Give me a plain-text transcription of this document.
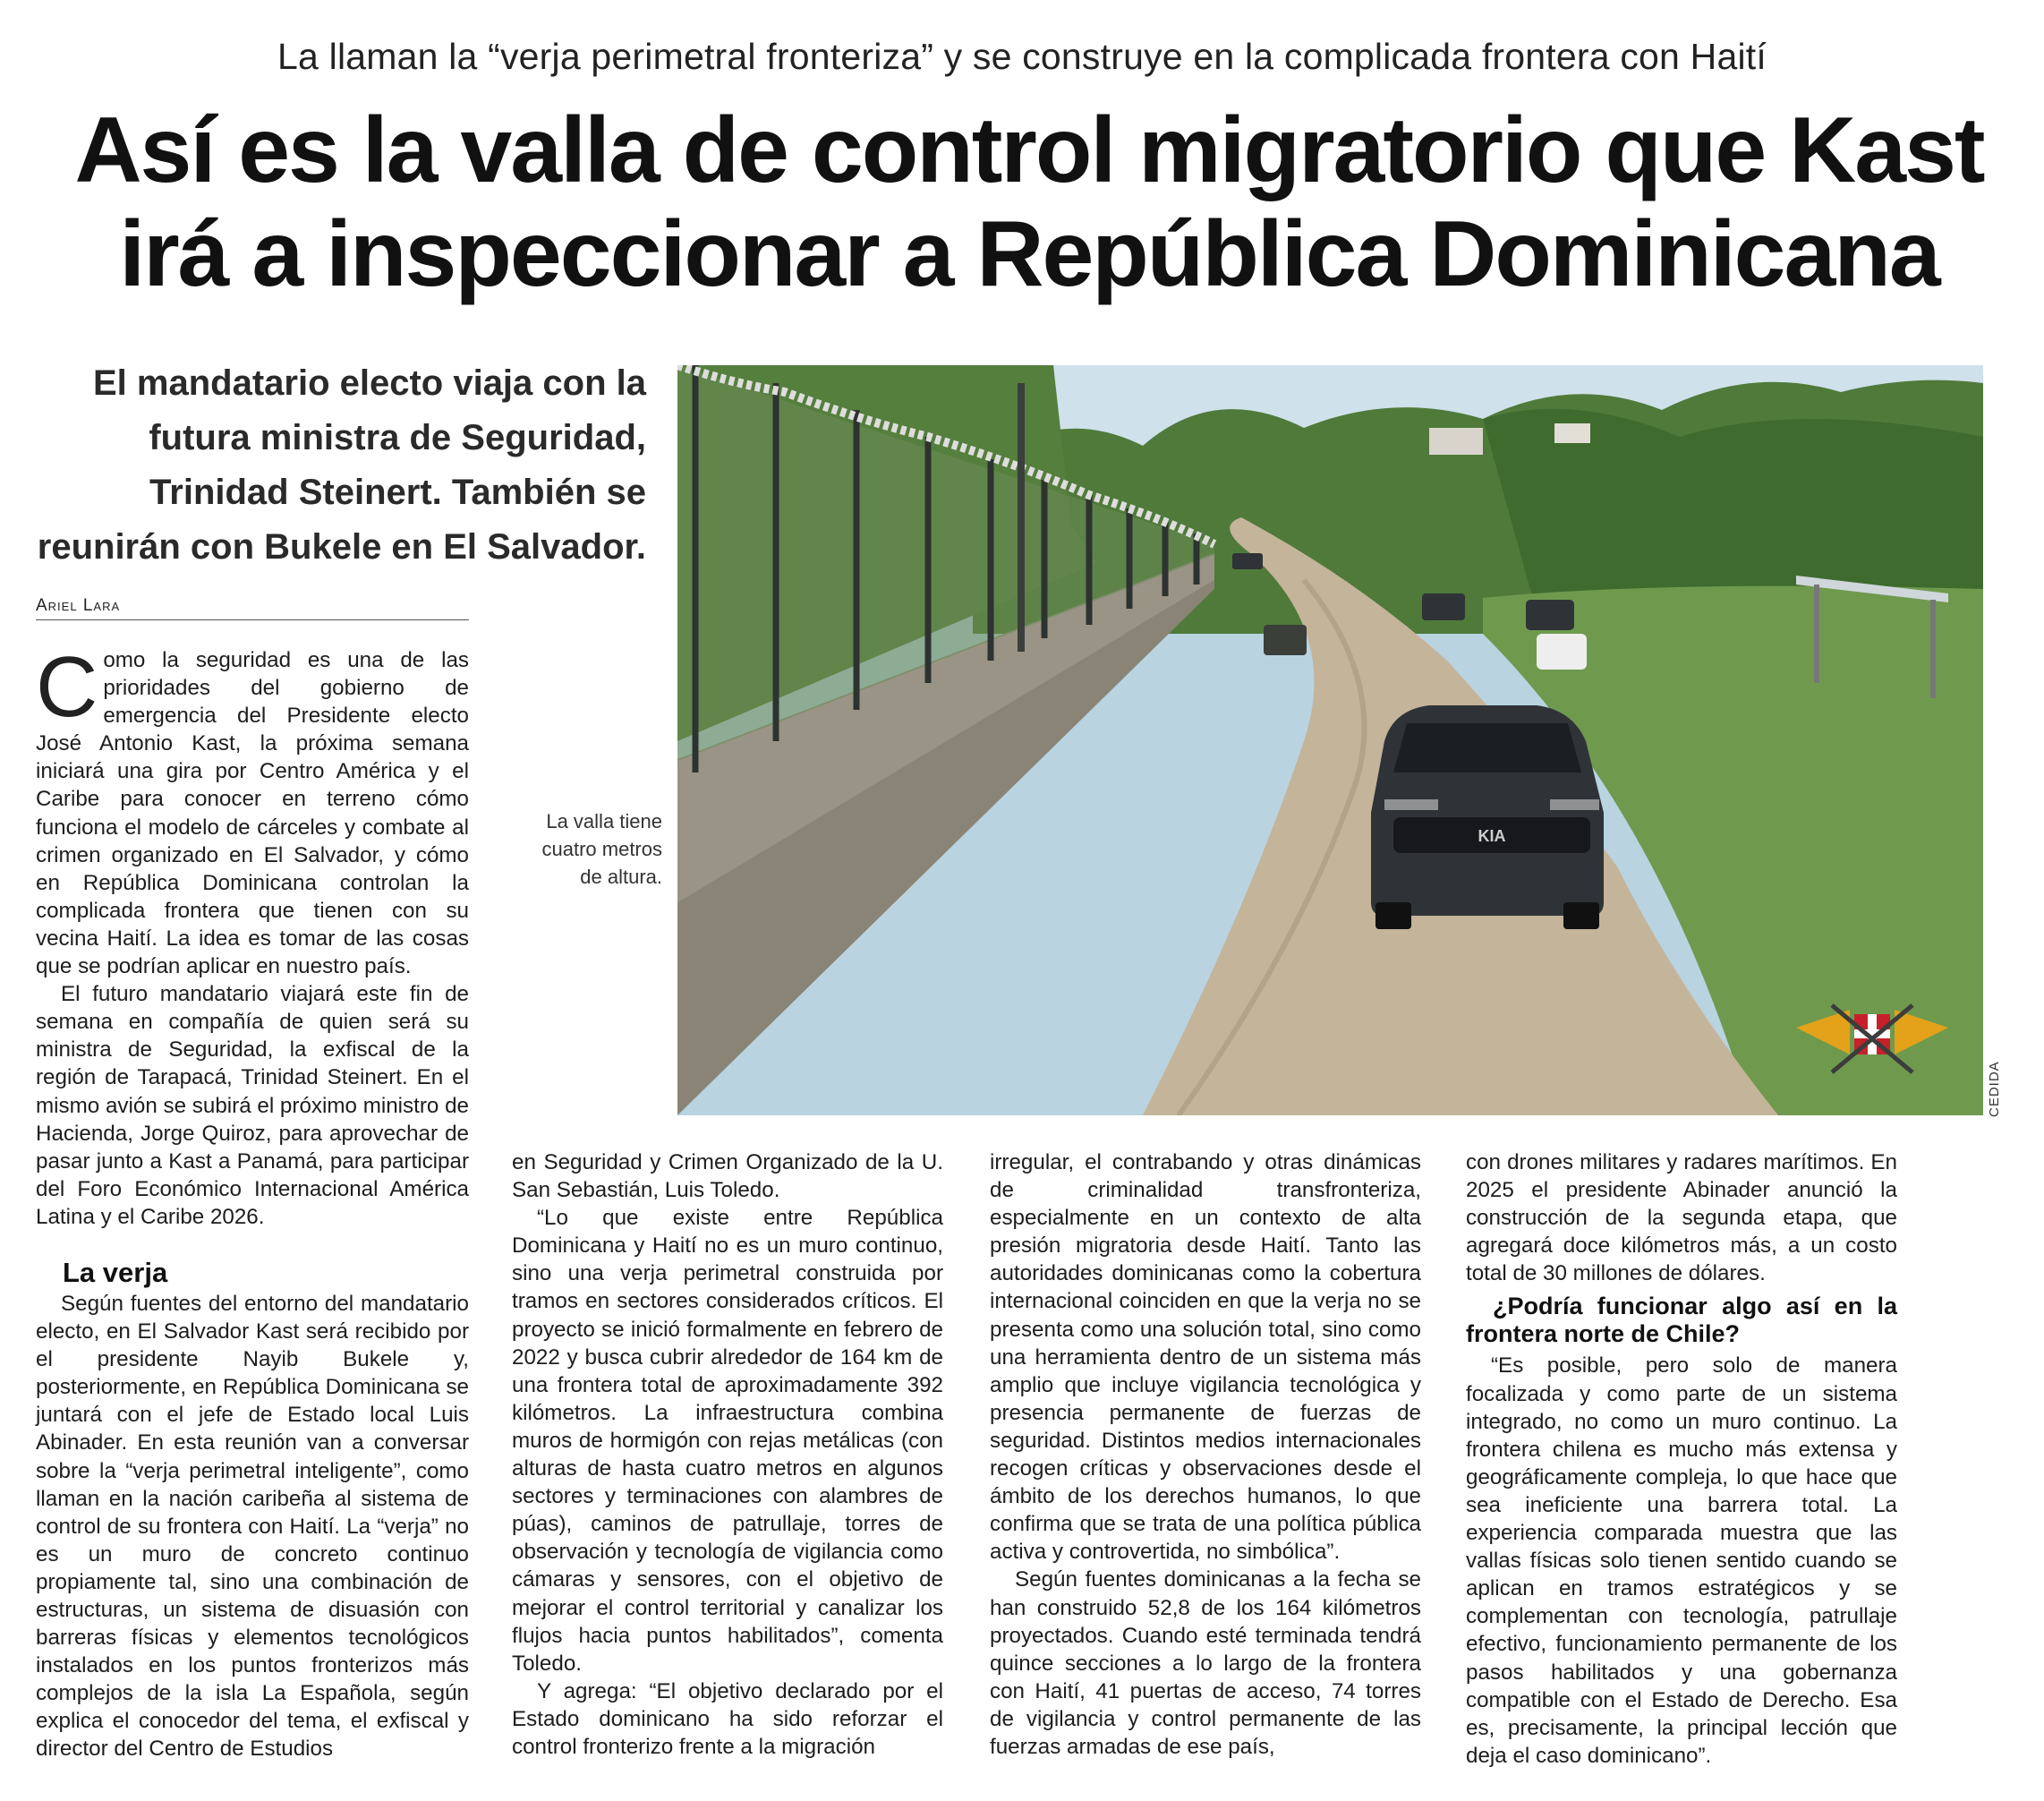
La llaman la “verja perimetral fronteriza” y se construye en la complicada frontera con Haití
Así es la valla de control migratorio que Kast irá a inspeccionar a República Dominicana
El mandatario electo viaja con la futura ministra de Seguridad, Trinidad Steinert. También se reunirán con Bukele en El Salvador.
Ariel Lara
KIA
CEDIDA
La valla tiene cuatro metros de altura.

Como la seguridad es una de las prioridades del gobierno de emergencia del Presidente electo José Antonio Kast, la próxima semana iniciará una gira por Centro América y el Caribe para conocer en terreno cómo funciona el modelo de cárceles y combate al crimen organizado en El Salvador, y cómo en República Dominicana controlan la complicada frontera que tienen con su vecina Haití. La idea es tomar de las cosas que se podrían aplicar en nuestro país.

El futuro mandatario viajará este fin de semana en compañía de quien será su ministra de Seguridad, la exfiscal de la región de Tarapacá, Trinidad Steinert. En el mismo avión se subirá el próximo ministro de Hacienda, Jorge Quiroz, para aprovechar de pasar junto a Kast a Panamá, para participar del Foro Económico Internacional América Latina y el Caribe 2026.

La verja

Según fuentes del entorno del mandatario electo, en El Salvador Kast será recibido por el presidente Nayib Bukele y, posteriormente, en República Dominicana se juntará con el jefe de Estado local Luis Abinader. En esta reunión van a conversar sobre la “verja perimetral inteligente”, como llaman en la nación caribeña al sistema de control de su frontera con Haití. La “verja” no es un muro de concreto continuo propiamente tal, sino una combinación de estructuras, un sistema de disuasión con barreras físicas y elementos tecnológicos instalados en los puntos fronterizos más complejos de la isla La Española, según explica el conocedor del tema, el exfiscal y director del Centro de Estudios

en Seguridad y Crimen Organizado de la U. San Sebastián, Luis Toledo.

“Lo que existe entre República Dominicana y Haití no es un muro continuo, sino una verja perimetral construida por tramos en sectores considerados críticos. El proyecto se inició formalmente en febrero de 2022 y busca cubrir alrededor de 164 km de una frontera total de aproximadamente 392 kilómetros. La infraestructura combina muros de hormigón con rejas metálicas (con alturas de hasta cuatro metros en algunos sectores y terminaciones con alambres de púas), caminos de patrullaje, torres de observación y tecnología de vigilancia como cámaras y sensores, con el objetivo de mejorar el control territorial y canalizar los flujos hacia puntos habilitados”, comenta Toledo.

Y agrega: “El objetivo declarado por el Estado dominicano ha sido reforzar el control fronterizo frente a la migración

irregular, el contrabando y otras dinámicas de criminalidad transfronteriza, especialmente en un contexto de alta presión migratoria desde Haití. Tanto las autoridades dominicanas como la cobertura internacional coinciden en que la verja no se presenta como una solución total, sino como una herramienta dentro de un sistema más amplio que incluye vigilancia tecnológica y presencia permanente de fuerzas de seguridad. Distintos medios internacionales recogen críticas y observaciones desde el ámbito de los derechos humanos, lo que confirma que se trata de una política pública activa y controvertida, no simbólica”.

Según fuentes dominicanas a la fecha se han construido 52,8 de los 164 kilómetros proyectados. Cuando esté terminada tendrá quince secciones a lo largo de la frontera con Haití, 41 puertas de acceso, 74 torres de vigilancia y control permanente de las fuerzas armadas de ese país,

con drones militares y radares marítimos. En 2025 el presidente Abinader anunció la construcción de la segunda etapa, que agregará doce kilómetros más, a un costo total de 30 millones de dólares.

¿Podría funcionar algo así en la frontera norte de Chile?

“Es posible, pero solo de manera focalizada y como parte de un sistema integrado, no como un muro continuo. La frontera chilena es mucho más extensa y geográficamente compleja, lo que hace que sea ineficiente una barrera total. La experiencia comparada muestra que las vallas físicas solo tienen sentido cuando se aplican en tramos estratégicos y se complementan con tecnología, patrullaje efectivo, funcionamiento permanente de los pasos habilitados y una gobernanza compatible con el Estado de Derecho. Esa es, precisamente, la principal lección que deja el caso dominicano”.
